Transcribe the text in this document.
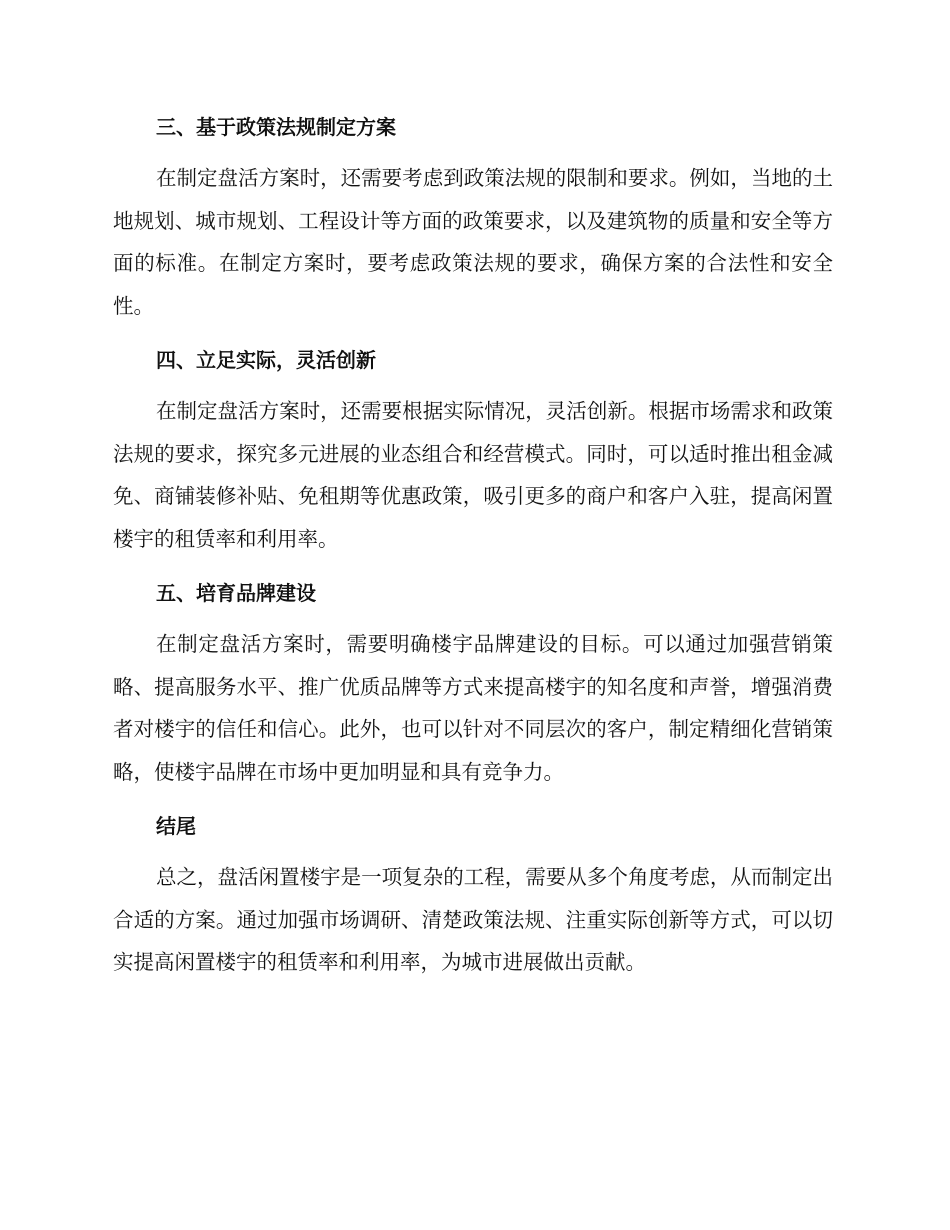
三、基于政策法规制定方案

在制定盘活方案时，还需要考虑到政策法规的限制和要求。例如，当地的土地规划、城市规划、工程设计等方面的政策要求，以及建筑物的质量和安全等方面的标准。在制定方案时，要考虑政策法规的要求，确保方案的合法性和安全性。

四、立足实际，灵活创新

在制定盘活方案时，还需要根据实际情况，灵活创新。根据市场需求和政策法规的要求，探究多元进展的业态组合和经营模式。同时，可以适时推出租金减免、商铺装修补贴、免租期等优惠政策，吸引更多的商户和客户入驻，提高闲置楼宇的租赁率和利用率。

五、培育品牌建设

在制定盘活方案时，需要明确楼宇品牌建设的目标。可以通过加强营销策略、提高服务水平、推广优质品牌等方式来提高楼宇的知名度和声誉，增强消费者对楼宇的信任和信心。此外，也可以针对不同层次的客户，制定精细化营销策略，使楼宇品牌在市场中更加明显和具有竞争力。

结尾

总之，盘活闲置楼宇是一项复杂的工程，需要从多个角度考虑，从而制定出合适的方案。通过加强市场调研、清楚政策法规、注重实际创新等方式，可以切实提高闲置楼宇的租赁率和利用率，为城市进展做出贡献。
